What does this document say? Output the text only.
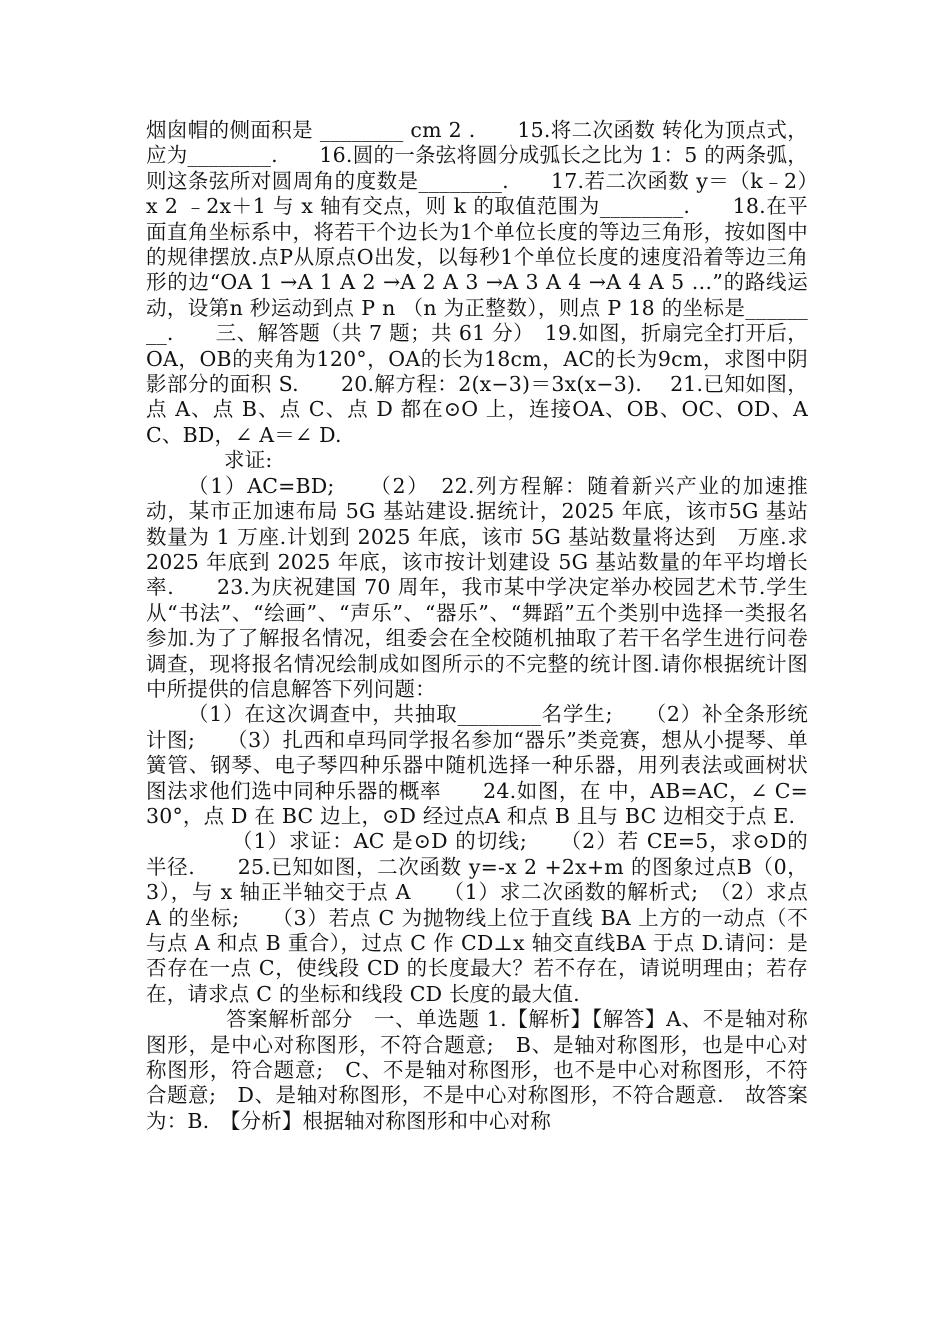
烟囱帽的侧面积是 ________ cm 2 .　　15.将二次函数 转化为顶点式，应为________.　　16.圆的一条弦将圆分成弧长之比为 1：5 的两条弧，则这条弦所对圆周角的度数是________.　　17.若二次函数 y＝（k﹣2）x 2 ﹣2x＋1 与 x 轴有交点，则 k 的取值范围为________.　　18.在平面直角坐标系中，将若干个边长为1个单位长度的等边三角形，按如图中的规律摆放.点P从原点O出发，以每秒1个单位长度的速度沿着等边三角形的边“OA 1 →A 1 A 2 →A 2 A 3 →A 3 A 4 →A 4 A 5 …”的路线运动，设第n 秒运动到点 P n （n 为正整数），则点 P 18 的坐标是________.　　三、解答题（共 7 题；共 61 分）　19.如图，折扇完全打开后，OA，OB的夹角为120°，OA的长为18cm，AC的长为9cm，求图中阴影部分的面积 S.　　20.解方程：2(x−3)＝3x(x−3).　 21.已知如图，点 A、点 B、点 C、点 D 都在⊙O 上，连接OA、OB、OC、OD、AC、BD，∠ A＝∠ D.

求证:

（1）AC=BD;　　（2）　22.列方程解：随着新兴产业的加速推动，某市正加速布局 5G 基站建设.据统计，2025 年底，该市5G 基站数量为 1 万座.计划到 2025 年底，该市 5G 基站数量将达到　万座.求 2025 年底到 2025 年底，该市按计划建设 5G 基站数量的年平均增长率.　　23.为庆祝建国 70 周年，我市某中学决定举办校园艺术节.学生从“书法”、“绘画”、“声乐”、“器乐”、“舞蹈”五个类别中选择一类报名参加.为了了解报名情况，组委会在全校随机抽取了若干名学生进行问卷调查，现将报名情况绘制成如图所示的不完整的统计图.请你根据统计图中所提供的信息解答下列问题：

（1）在这次调查中，共抽取________名学生;　　（2）补全条形统计图;　　（3）扎西和卓玛同学报名参加“器乐”类竞赛，想从小提琴、单簧管、钢琴、电子琴四种乐器中随机选择一种乐器，用列表法或画树状图法求他们选中同种乐器的概率　　24.如图，在 中，AB=AC，∠ C=30°，点 D 在 BC 边上，⊙D 经过点A 和点 B 且与 BC 边相交于点 E.

（1）求证：AC 是⊙D 的切线;　　（2）若 CE=5，求⊙D的半径.　　25.已知如图，二次函数 y=-x 2 +2x+m 的图象过点B（0，3），与 x 轴正半轴交于点 A　　（1）求二次函数的解析式;　（2）求点 A 的坐标;　　（3）若点 C 为抛物线上位于直线 BA 上方的一动点（不与点 A 和点 B 重合），过点 C 作 CD⊥x 轴交直线BA 于点 D.请问：是否存在一点 C，使线段 CD 的长度最大？若不存在，请说明理由；若存在，请求点 C 的坐标和线段 CD 长度的最大值.

答案解析部分　一、单选题 1.【解析】【解答】A、不是轴对称图形，是中心对称图形，不符合题意;　B、是轴对称图形，也是中心对称图形，符合题意;　C、不是轴对称图形，也不是中心对称图形，不符合题意;　D、是轴对称图形，不是中心对称图形，不符合题意.　故答案为：B.　【分析】根据轴对称图形和中心对称
